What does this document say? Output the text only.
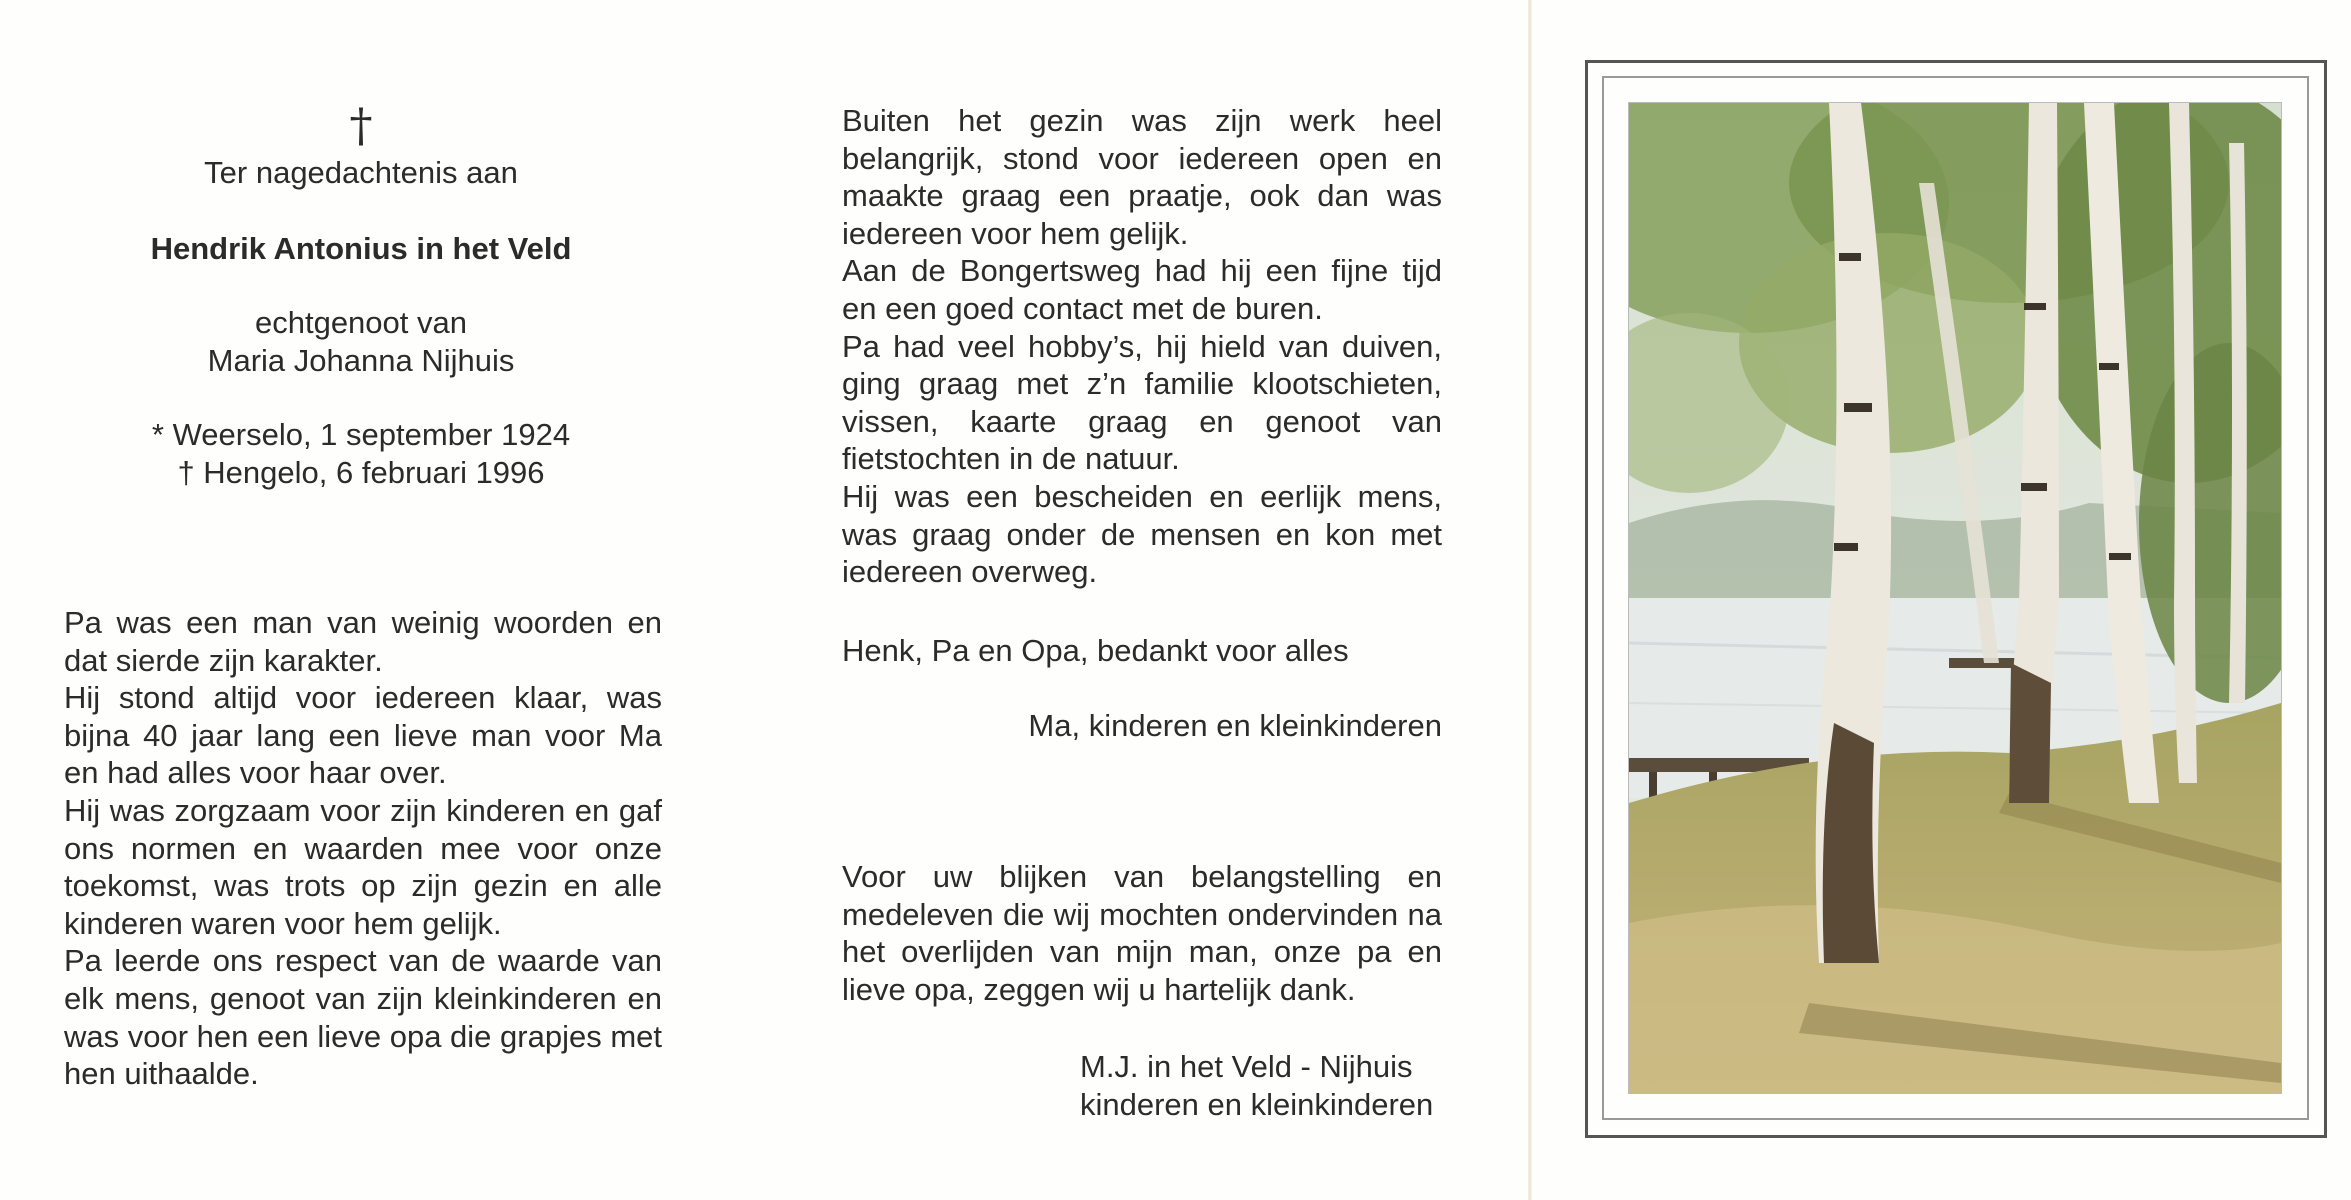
†
Ter nagedachtenis aan
Hendrik Antonius in het Veld
echtgenoot van
Maria Johanna Nijhuis
* Weerselo, 1 september 1924
† Hengelo, 6 februari 1996

Pa was een man van weinig woorden en dat sierde zijn karakter.

Hij stond altijd voor iedereen klaar, was bijna 40 jaar lang een lieve man voor Ma en had alles voor haar over.

Hij was zorgzaam voor zijn kinderen en gaf ons normen en waarden mee voor onze toekomst, was trots op zijn gezin en alle kinderen waren voor hem gelijk.

Pa leerde ons respect van de waarde van elk mens, genoot van zijn kleinkinderen en was voor hen een lieve opa die grapjes met hen uithaalde.

Buiten het gezin was zijn werk heel belangrijk, stond voor iedereen open en maakte graag een praatje, ook dan was iedereen voor hem gelijk.

Aan de Bongertsweg had hij een fijne tijd en een goed contact met de buren.

Pa had veel hobby’s, hij hield van duiven, ging graag met z’n familie klootschieten, vissen, kaarte graag en genoot van fietstochten in de natuur.

Hij was een bescheiden en eerlijk mens, was graag onder de mensen en kon met iedereen overweg.

Henk, Pa en Opa, bedankt voor alles
Ma, kinderen en kleinkinderen

Voor uw blijken van belangstelling en medeleven die wij mochten ondervinden na het overlijden van mijn man, onze pa en lieve opa, zeggen wij u hartelijk dank.

M.J. in het Veld - Nijhuis
kinderen en kleinkinderen
